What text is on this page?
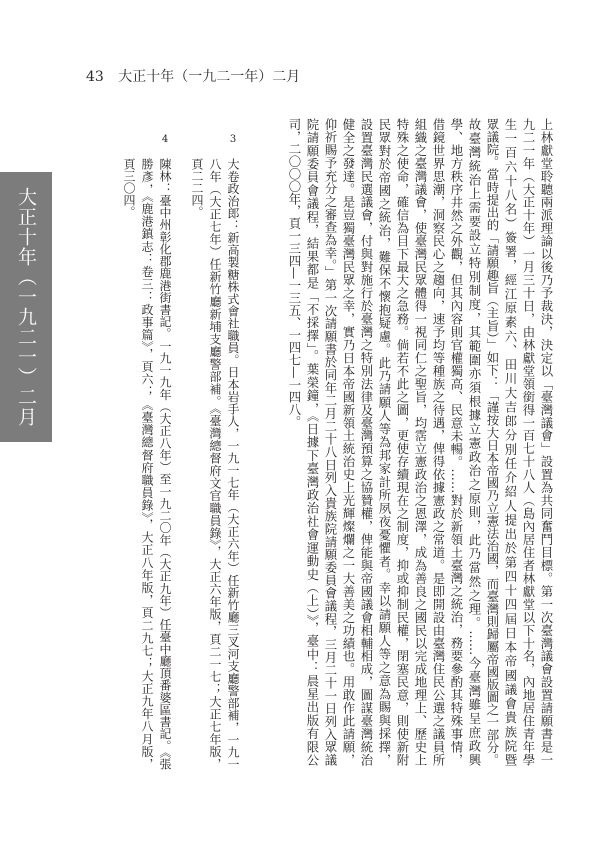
43 大正十年（一九二一年）二月
大正十年（一九二一）二月	上林獻堂聆聽兩派理論以後乃予裁決，決定以「臺灣議會」設置為共同奮鬥目標。第一次臺灣議會設置請願書是一
九二一年（大正十年）一月三十日，由林獻堂領銜得一百七十八人（島內居住者林獻堂以下十名，內地居住青年學
生一百六十八名）簽署，經江原素六、田川大吉郎分別任介紹人提出於第四十四屆日本帝國議會貴族院暨
眾議院。當時提出的「請願趣旨（主旨）」如下：「謹按大日本帝國乃立憲法治國，而臺灣則歸屬帝國版圖之一部分。
故臺灣統治上需要設立特別制度，其範圍亦須根據立憲政治之原則，此乃當然之理。……今臺灣雖呈庶政興
學、地方秩序井然之外觀，但其內容則官權獨高、民意未暢。……對於新領土臺灣之統治，務要參酌其特殊事情，
借鏡世界思潮，洞察民心之趨向，速予均等種族之待遇，俾得依據憲政之常道。是即開設由臺灣住民公選之議員所
組織之臺灣議會，使臺灣民眾體得一視同仁之聖旨，均霑立憲政治之恩澤，成為善良之國民以完成地理上、歷史上
特殊之使命，確信為目下最大之急務。倘若不此之圖，更使存續現在之制度，抑或抑制民權，閉塞民意，則使新附
民眾對於帝國之統治，難保不懷抱疑慮。此乃請願人等為邦家計所夙夜憂懼者。幸以請願人等之意為賜與採擇，
設置臺灣民選議會，付與對施行於臺灣之特別法律及臺灣預算之協贊權，俾能與帝國議會相輔相成，圖謀臺灣統治
健全之發達。是豈獨臺灣民眾之幸，實乃日本帝國新領土統治史上光輝燦爛之一大善美之功績也。用敢作此請願，
仰祈賜予充分之審查為幸。」第一次請願書於同年二月二十八日列入貴族院請願委員會議程，三月二十一日列入眾議
院請願委員會議程，結果都是「不採擇」。葉榮鐘，《日據下臺灣政治社會運動史（上）》，臺中：晨星出版有限公
司，二〇〇〇年，頁一三四—一三五、一四七—一四八。
3
大卷政治郎：新高製糖株式會社職員。日本岩手人，一九一七年（大正六年）任新竹廳三叉河支廳警部補，一九一
八年（大正七年）任新竹廳新埔支廳警部補。《臺灣總督府文官職員錄》，大正六年版，頁二一七；大正七年版，
頁二二四。
4
陳林：臺中州彰化郡鹿港街書記。一九一九年（大正八年）至一九二〇年（大正九年）任臺中廳頂番婆區書記。《張
勝彥，《鹿港鎮志：卷三：政事篇》，頁六；《臺灣總督府職員錄》，大正八年版，頁二九七；大正九年八月版，
頁三〇四。
